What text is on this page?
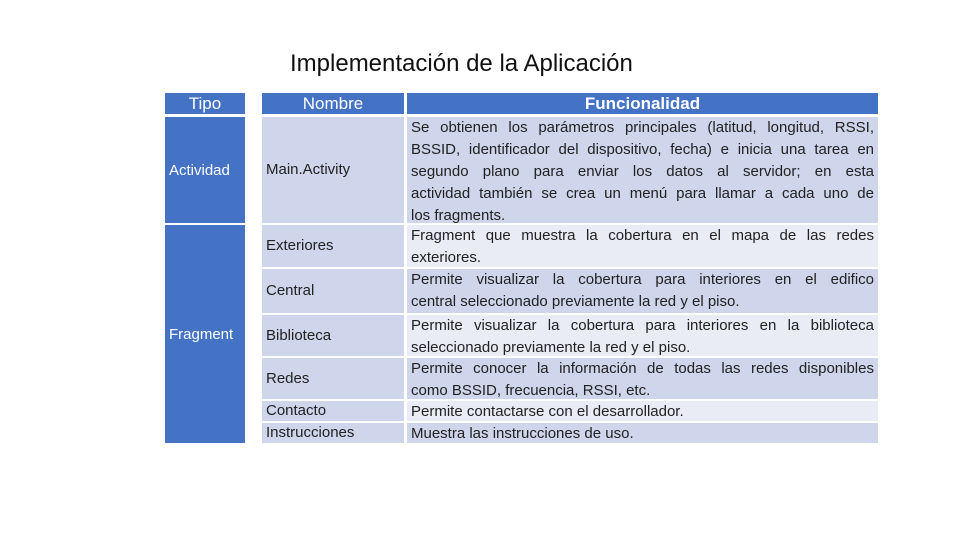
Implementación de la Aplicación
Tipo	Nombre	Funcionalidad
Actividad
Fragment
Main.Activity
Exteriores
Central
Biblioteca
Redes
Contacto
Instrucciones
Se obtienen los parámetros principales (latitud, longitud, RSSI,
BSSID, identificador del dispositivo, fecha) e inicia una tarea en
segundo plano para enviar los datos al servidor; en esta
actividad también se crea un menú para llamar a cada uno de
los fragments.
Fragment que muestra la cobertura en el mapa de las redes
exteriores.
Permite visualizar la cobertura para interiores en el edifico
central seleccionado previamente la red y el piso.
Permite visualizar la cobertura para interiores en la biblioteca
seleccionado previamente la red y el piso.
Permite conocer la información de todas las redes disponibles
como BSSID, frecuencia, RSSI, etc.
Permite contactarse con el desarrollador.
Muestra las instrucciones de uso.
